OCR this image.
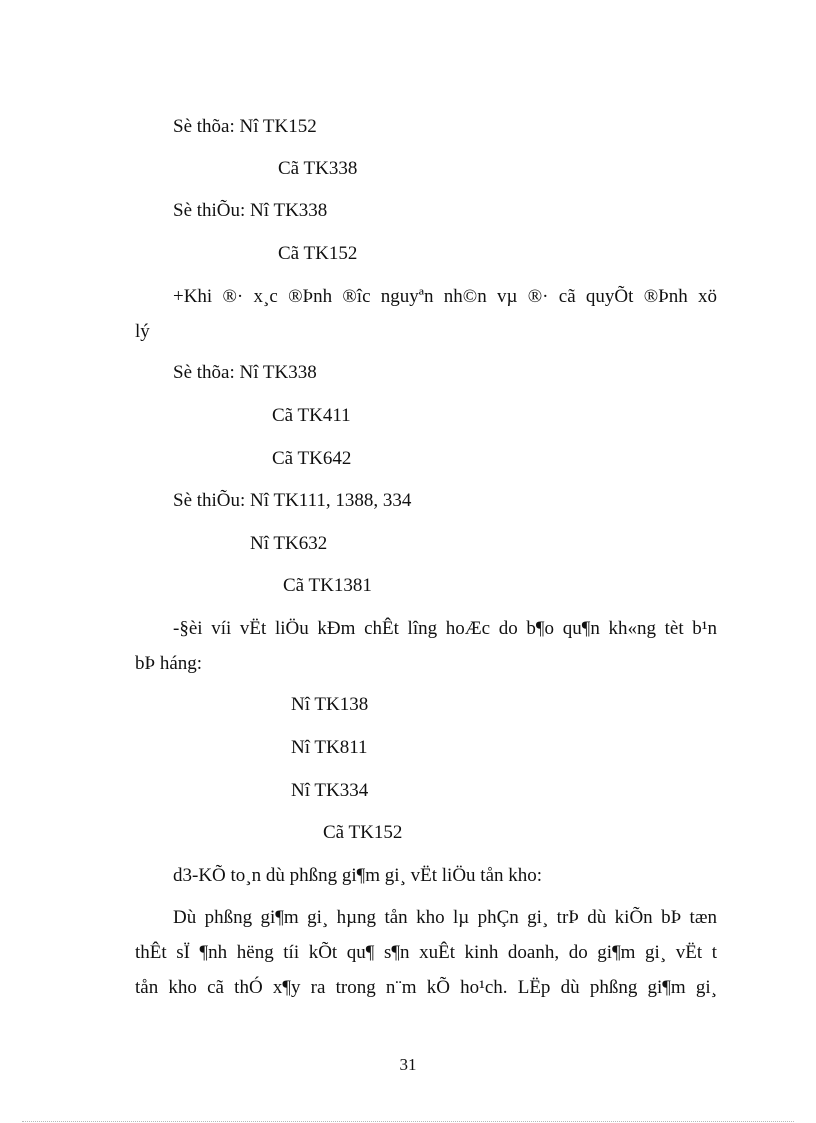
Sè thõa: Nî TK152
Cã TK338
Sè thiÕu: Nî TK338
Cã TK152
+Khi ®· x¸c ®Þnh ®îc nguyªn nh©n vµ ®· cã quyÕt ®Þnh xö
lý
Sè thõa: Nî TK338
Cã TK411
Cã TK642
Sè thiÕu: Nî TK111, 1388, 334
Nî TK632
Cã TK1381
-§èi víi vËt liÖu kÐm chÊt lîng hoÆc do b¶o qu¶n kh«ng tèt b¹n
bÞ háng:
Nî TK138
Nî TK811
Nî TK334
Cã TK152
d3-KÕ to¸n dù phßng gi¶m gi¸ vËt liÖu tån kho:
Dù phßng gi¶m gi¸ hµng tån kho lµ phÇn gi¸ trÞ dù kiÕn bÞ tæn
thÊt sÏ ¶nh hëng tíi kÕt qu¶ s¶n xuÊt kinh doanh, do gi¶m gi¸ vËt t
tån kho cã thÓ x¶y ra trong n¨m kÕ ho¹ch. LËp dù phßng gi¶m gi¸
31
